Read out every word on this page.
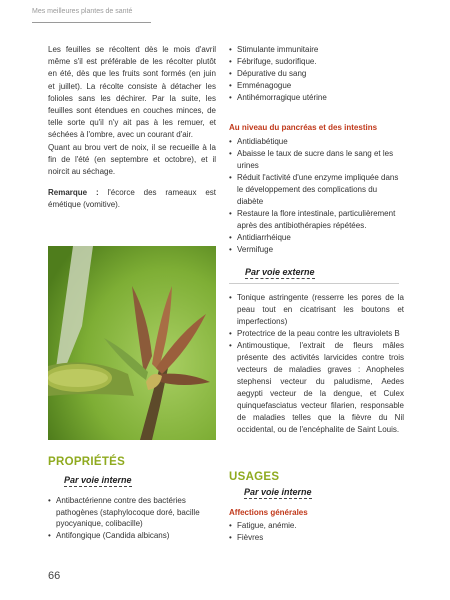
Mes meilleures plantes de santé

Les feuilles se récoltent dès le mois d'avril même s'il est préférable de les récolter plutôt en été, dès que les fruits sont formés (en juin et juillet). La récolte consiste à détacher les folioles sans les déchirer. Par la suite, les feuilles sont étendues en couches minces, de telle sorte qu'il n'y ait pas à les remuer, et séchées à l'ombre, avec un courant d'air.

Quant au brou vert de noix, il se recueille à la fin de l'été (en septembre et octobre), et il noircit au séchage.

Remarque : l'écorce des rameaux est émétique (vomitive).

PROPRIÉTÉS
Par voie interne
• Antibactérienne contre des bactéries pathogènes (staphylocoque doré, bacille pyocyanique, colibacille)
• Antifongique (Candida albicans)
• Stimulante immunitaire
• Fébrifuge, sudorifique.
• Dépurative du sang
• Emménagogue
• Antihémorragique utérine
Au niveau du pancréas et des intestins
• Antidiabétique
• Abaisse le taux de sucre dans le sang et les urines
• Réduit l'activité d'une enzyme impliquée dans le développement des complications du diabète
• Restaure la flore intestinale, particulièrement après des antibiothérapies répétées.
• Antidiarrhéique
• Vermifuge
Par voie externe
• Tonique astringente (resserre les pores de la peau tout en cicatrisant les boutons et imperfections)
• Protectrice de la peau contre les ultraviolets B
• Antimoustique, l'extrait de fleurs mâles présente des activités larvicides contre trois vecteurs de maladies graves : Anopheles stephensi vecteur du paludisme, Aedes aegypti vecteur de la dengue, et Culex quinquefasciatus vecteur filarien, responsable de maladies telles que la fièvre du Nil occidental, ou de l'encéphalite de Saint Louis.
USAGES
Par voie interne
Affections générales
• Fatigue, anémie.
• Fièvres
66
